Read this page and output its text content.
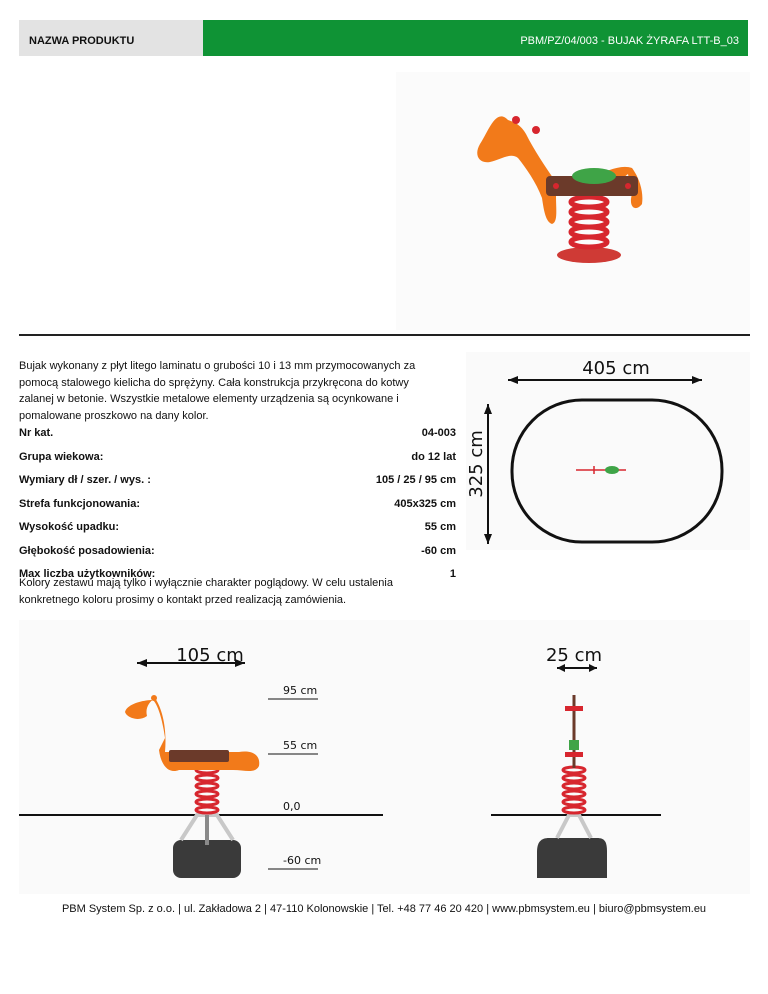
NAZWA PRODUKTU	PBM/PZ/04/003 - BUJAK ŻYRAFA LTT-B_03

Bujak wykonany z płyt litego laminatu o grubości 10 i 13 mm przymocowanych za pomocą stalowego kielicha do sprężyny. Cała konstrukcja przykręcona do kotwy zalanej w betonie. Wszystkie metalowe elementy urządzenia są ocynkowane i pomalowane proszkowo na dany kolor.

Nr kat.	04-003
Grupa wiekowa:	do 12 lat
Wymiary dł / szer. / wys. :	105 / 25 / 95 cm
Strefa funkcjonowania:	405x325 cm
Wysokość upadku:	55 cm
Głębokość posadowienia:	-60 cm
Max liczba użytkowników:	1

Kolory zestawu mają tylko i wyłącznie charakter poglądowy. W celu ustalenia konkretnego koloru prosimy o kontakt przed realizacją zamówienia.

405 cm
325 cm
105 cm	25 cm
95 cm
55 cm
0,0
-60 cm
PBM System Sp. z o.o. | ul. Zakładowa 2 | 47-110 Kolonowskie | Tel. +48 77 46 20 420 | www.pbmsystem.eu | biuro@pbmsystem.eu
